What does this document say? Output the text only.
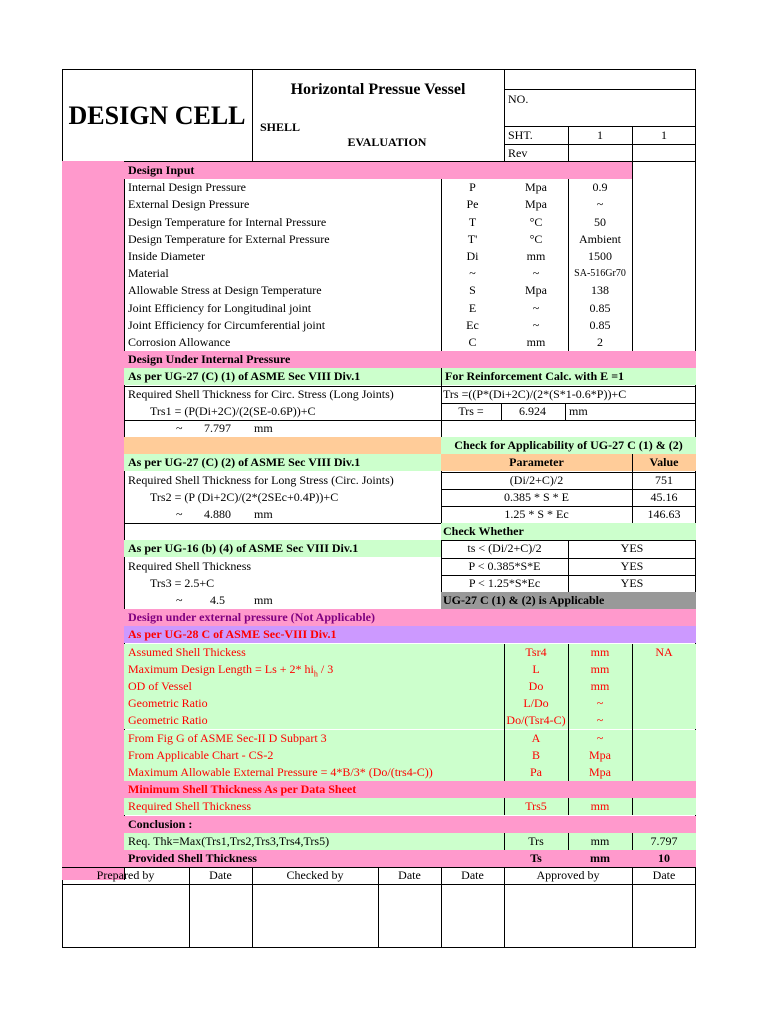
DESIGN CELL
Horizontal Pressue Vessel
SHELL
EVALUATION
NO.
SHT.	1	1
Rev
Design Input
Internal Design Pressure	P	Mpa	0.9
External Design Pressure	Pe	Mpa	~
Design Temperature for Internal Pressure	T	°C	50
Design Temperature for External Pressure	T'	°C	Ambient
Inside Diameter	Di	mm	1500
Material	~	~	SA-516Gr70
Allowable Stress at Design Temperature	S	Mpa	138
Joint Efficiency for Longitudinal joint	E	~	0.85
Joint Efficiency for Circumferential joint	Ec	~	0.85
Corrosion Allowance	C	mm	2
Design Under Internal Pressure
As per UG-27 (C) (1) of ASME Sec VIII Div.1	For Reinforcement Calc. with E =1
Required Shell Thickness for Circ. Stress (Long Joints)	Trs =((P*(Di+2C)/(2*(S*1-0.6*P))+C
Trs1 = (P(Di+2C)/(2(SE-0.6P))+C	Trs =	6.924	mm
~	7.797	mm
Check for Applicability of UG-27 C (1) & (2)
As per UG-27 (C) (2) of ASME Sec VIII Div.1	Parameter	Value
(Di/2+C)/2	751
0.385 * S * E	45.16
1.25 * S * Ec	146.63
Required Shell Thickness for Long Stress (Circ. Joints)
Trs2 = (P (Di+2C)/(2*(2SEc+0.4P))+C
~	4.880	mm
Check Whether
As per UG-16 (b) (4) of ASME Sec VIII Div.1	ts < (Di/2+C)/2	YES
P < 0.385*S*E	YES
P < 1.25*S*Ec	YES
Required Shell Thickness
Trs3 = 2.5+C
~	4.5	mm	UG-27 C (1) & (2) is Applicable
Design under external pressure (Not Applicable)
As per UG-28 C of ASME Sec-VIII Div.1
Assumed Shell Thickess	Tsr4	mm	NA
Maximum Design Length = Ls + 2* $hi_h / 3$	L	mm
OD of Vessel	Do	mm
Geometric Ratio	L/Do	~
Geometric Ratio	Do/(Tsr4-C)	~
From Fig G of ASME Sec-II D Subpart 3	A	~
From Applicable Chart - CS-2	B	Mpa
Maximum Allowable External Pressure = 4*B/3* (Do/(trs4-C))	Pa	Mpa
Minimum Shell Thickness As per Data Sheet
Required Shell Thickness	Trs5	mm
Conclusion :
Req. Thk=Max(Trs1,Trs2,Trs3,Trs4,Trs5)	Trs	mm	7.797
Provided Shell Thickness	Ts	mm	10
Prepared by	Date	Checked by	Date	Date	Approved by	Date
